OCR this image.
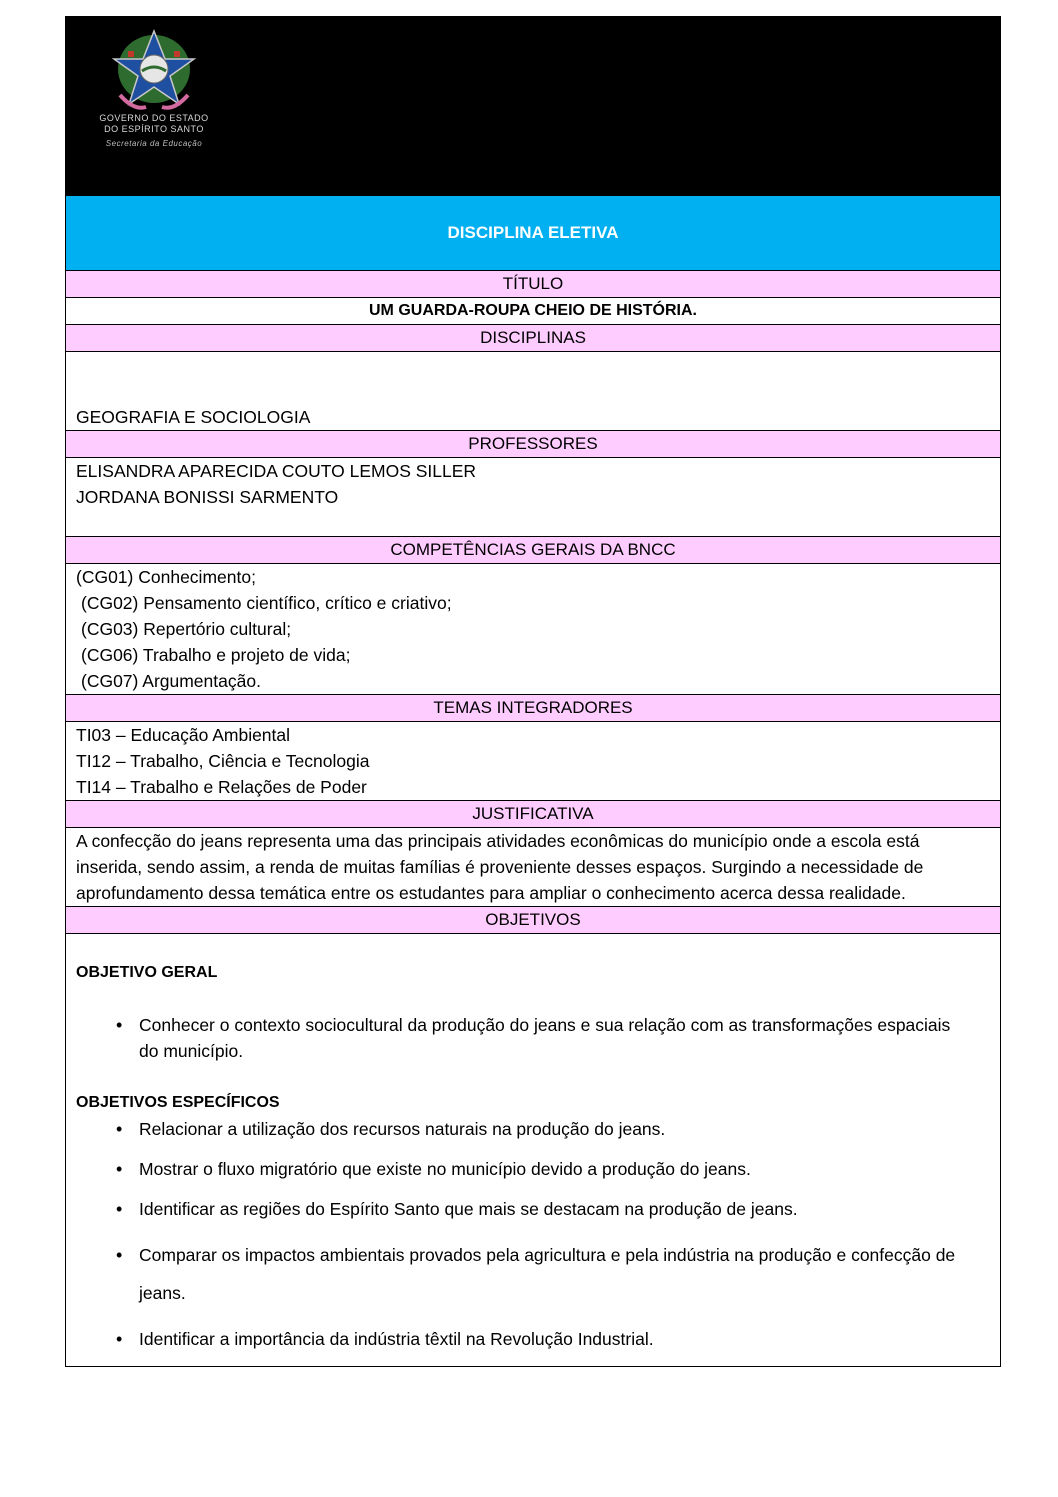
GOVERNO DO ESTADO
DO ESPÍRITO SANTO
Secretaria da Educação
DISCIPLINA ELETIVA
TÍTULO
UM GUARDA-ROUPA CHEIO DE HISTÓRIA.
DISCIPLINAS
GEOGRAFIA E SOCIOLOGIA
PROFESSORES
ELISANDRA APARECIDA COUTO LEMOS SILLER
JORDANA BONISSI SARMENTO
COMPETÊNCIAS GERAIS DA BNCC
(CG01) Conhecimento;
(CG02) Pensamento científico, crítico e criativo;
(CG03) Repertório cultural;
(CG06) Trabalho e projeto de vida;
(CG07) Argumentação.
TEMAS INTEGRADORES
TI03 – Educação Ambiental
TI12 – Trabalho, Ciência e Tecnologia
TI14 – Trabalho e Relações de Poder
JUSTIFICATIVA
A confecção do jeans representa uma das principais atividades econômicas do município onde a escola está inserida, sendo assim, a renda de muitas famílias é proveniente desses espaços. Surgindo a necessidade de aprofundamento dessa temática entre os estudantes para ampliar o conhecimento acerca dessa realidade.
OBJETIVOS
OBJETIVO GERAL
• Conhecer o contexto sociocultural da produção do jeans e sua relação com as transformações espaciais do município.
OBJETIVOS ESPECÍFICOS
• Relacionar a utilização dos recursos naturais na produção do jeans.
• Mostrar o fluxo migratório que existe no município devido a produção do jeans.
• Identificar as regiões do Espírito Santo que mais se destacam na produção de jeans.
• Comparar os impactos ambientais provados pela agricultura e pela indústria na produção e confecção de jeans.
• Identificar a importância da indústria têxtil na Revolução Industrial.
